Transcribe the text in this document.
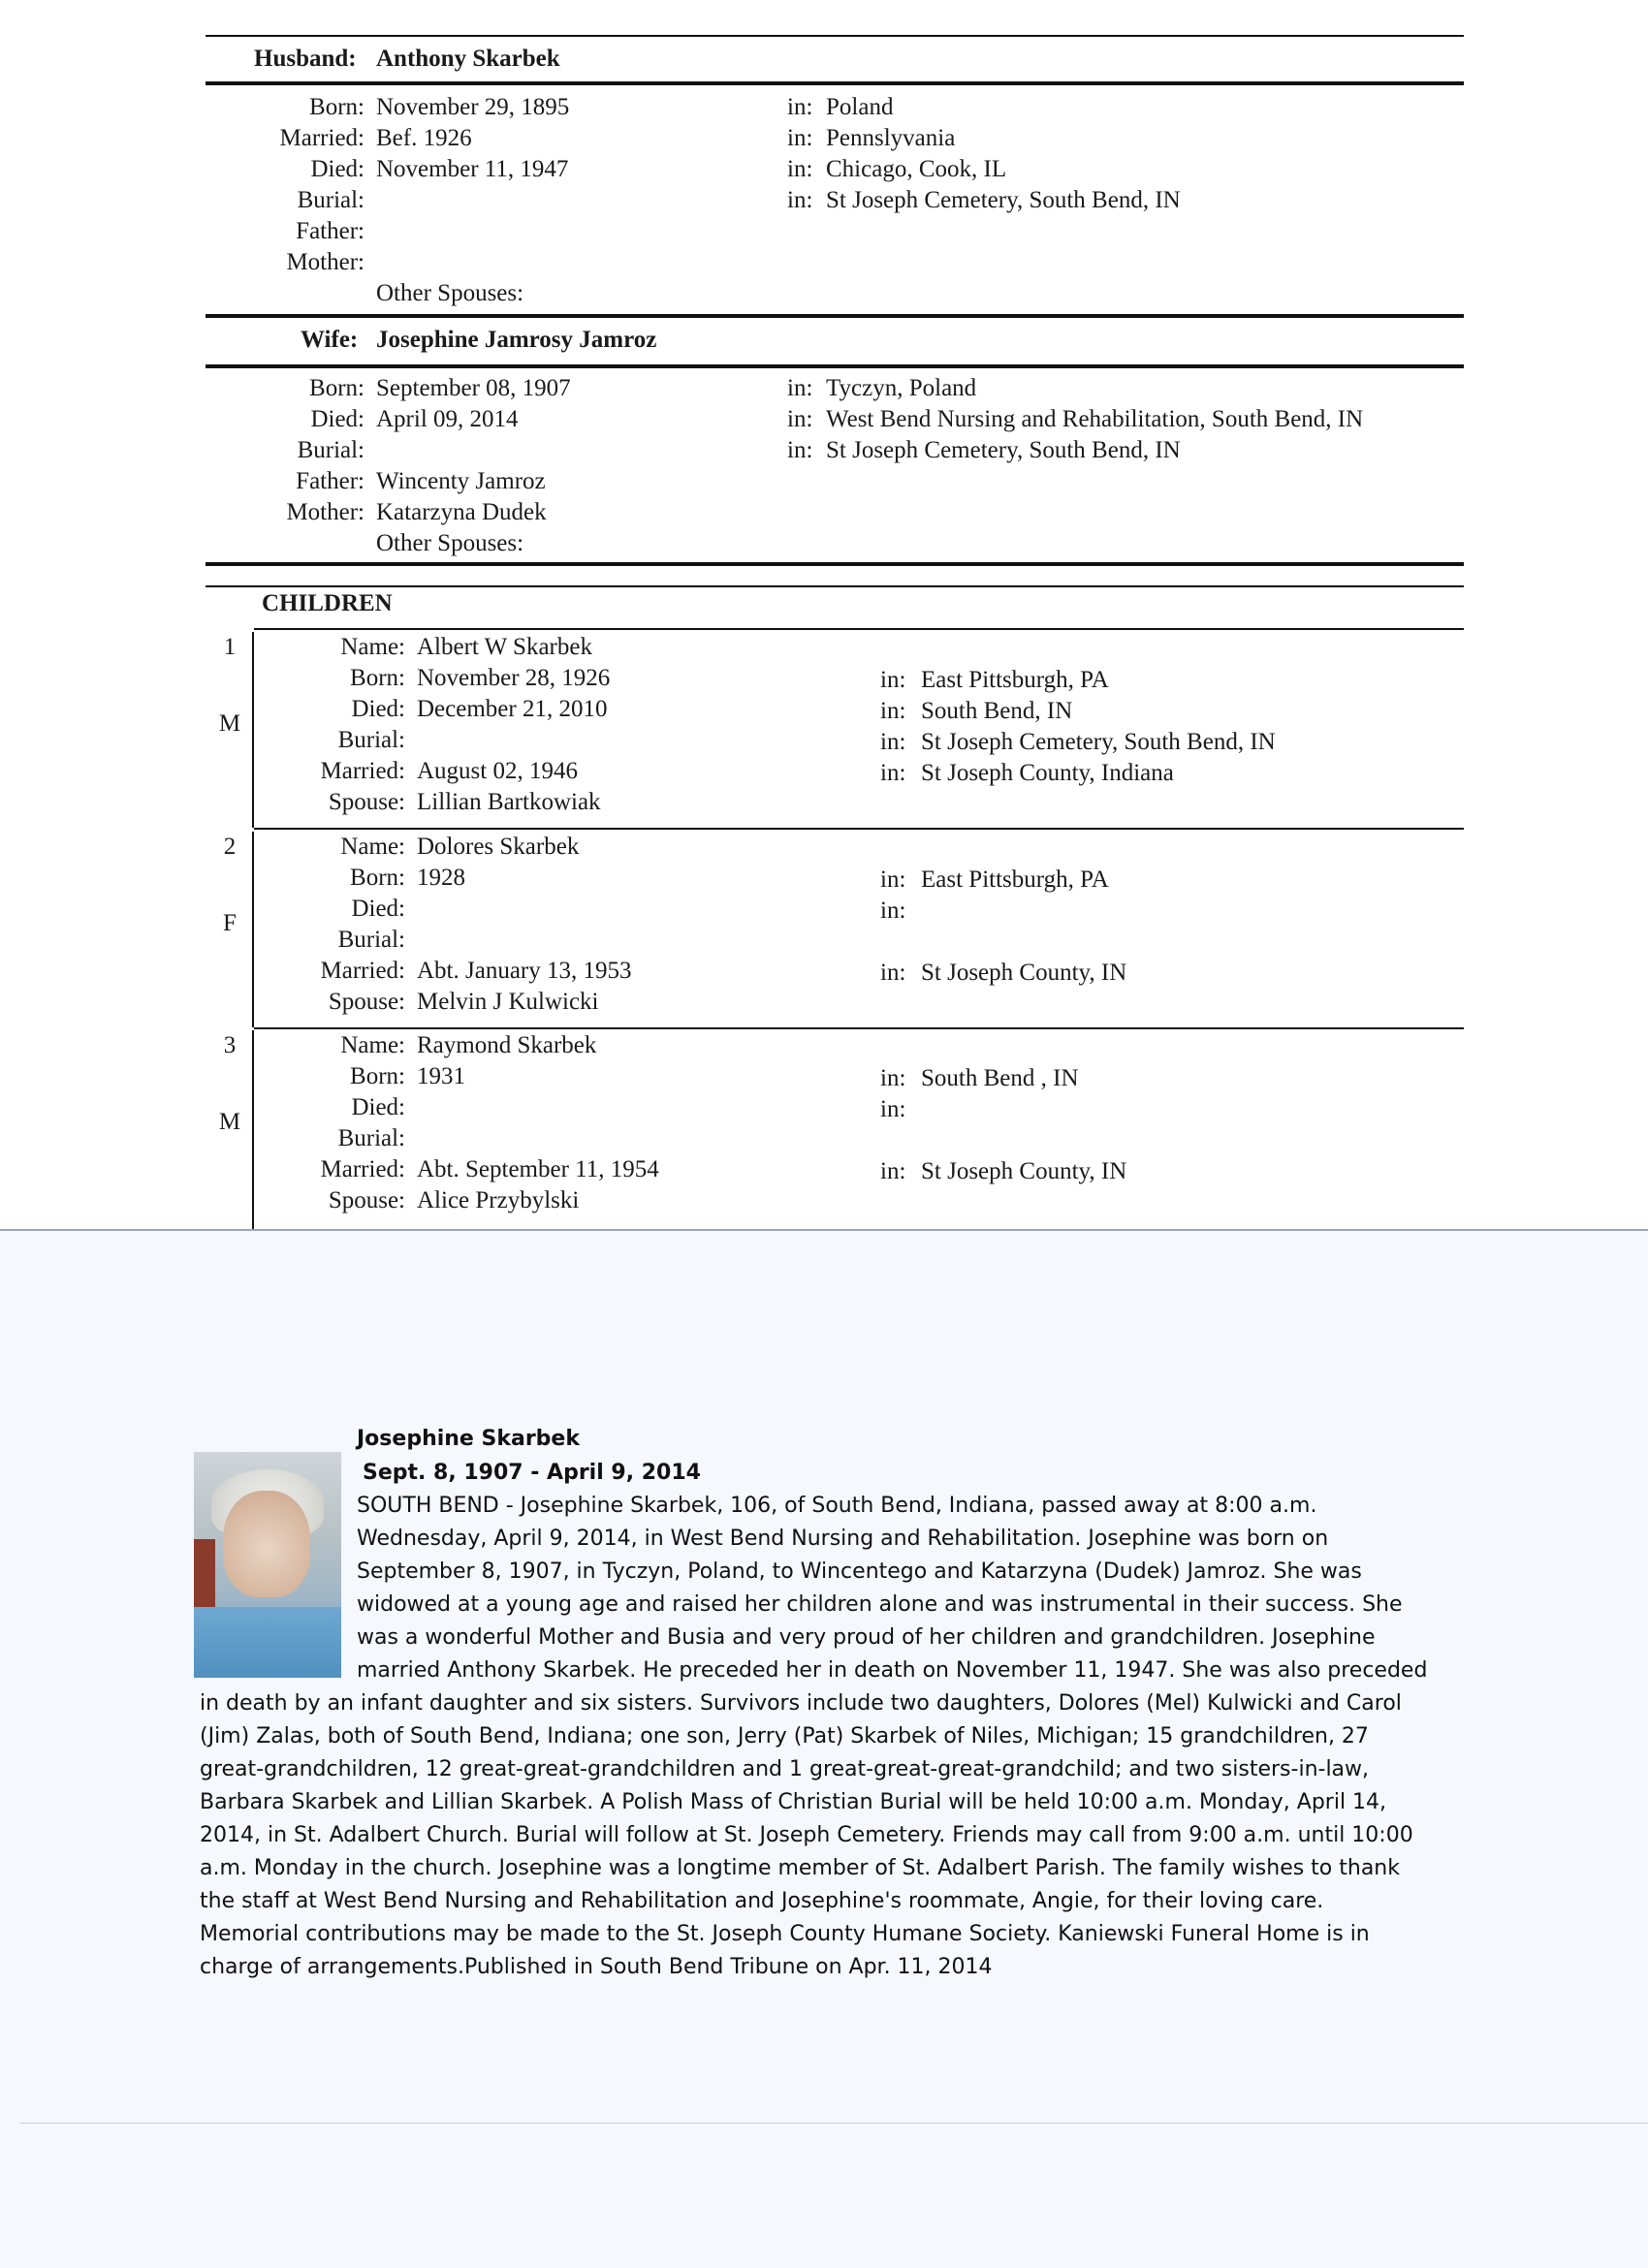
Husband: Anthony Skarbek
Born: November 29, 1895	in: Poland
Married: Bef. 1926	in: Pennslyvania
Died: November 11, 1947	in: Chicago, Cook, IL
Burial:	in: St Joseph Cemetery, South Bend, IN
Father:
Mother:
Other Spouses:
Wife: Josephine Jamrosy Jamroz
Born: September 08, 1907	in: Tyczyn, Poland
Died: April 09, 2014	in: West Bend Nursing and Rehabilitation, South Bend, IN
Burial:	in: St Joseph Cemetery, South Bend, IN
Father: Wincenty Jamroz
Mother: Katarzyna Dudek
Other Spouses:
CHILDREN
1
M
Name: Albert W Skarbek
Born: November 28, 1926	in: East Pittsburgh, PA
Died: December 21, 2010	in: South Bend, IN
Burial:	in: St Joseph Cemetery, South Bend, IN
Married: August 02, 1946	in: St Joseph County, Indiana
Spouse: Lillian Bartkowiak
2
F
Name: Dolores Skarbek
Born: 1928	in: East Pittsburgh, PA
Died:	in:
Burial:
Married: Abt. January 13, 1953	in: St Joseph County, IN
Spouse: Melvin J Kulwicki
3
M
Name: Raymond Skarbek
Born: 1931	in: South Bend , IN
Died:	in:
Burial:
Married: Abt. September 11, 1954	in: St Joseph County, IN
Spouse: Alice Przybylski
Josephine Skarbek
Sept. 8, 1907 - April 9, 2014
SOUTH BEND - Josephine Skarbek, 106, of South Bend, Indiana, passed away at 8:00 a.m.
Wednesday, April 9, 2014, in West Bend Nursing and Rehabilitation. Josephine was born on
September 8, 1907, in Tyczyn, Poland, to Wincentego and Katarzyna (Dudek) Jamroz. She was
widowed at a young age and raised her children alone and was instrumental in their success. She
was a wonderful Mother and Busia and very proud of her children and grandchildren. Josephine
married Anthony Skarbek. He preceded her in death on November 11, 1947. She was also preceded
in death by an infant daughter and six sisters. Survivors include two daughters, Dolores (Mel) Kulwicki and Carol
(Jim) Zalas, both of South Bend, Indiana; one son, Jerry (Pat) Skarbek of Niles, Michigan; 15 grandchildren, 27
great-grandchildren, 12 great-great-grandchildren and 1 great-great-great-grandchild; and two sisters-in-law,
Barbara Skarbek and Lillian Skarbek. A Polish Mass of Christian Burial will be held 10:00 a.m. Monday, April 14,
2014, in St. Adalbert Church. Burial will follow at St. Joseph Cemetery. Friends may call from 9:00 a.m. until 10:00
a.m. Monday in the church. Josephine was a longtime member of St. Adalbert Parish. The family wishes to thank
the staff at West Bend Nursing and Rehabilitation and Josephine's roommate, Angie, for their loving care.
Memorial contributions may be made to the St. Joseph County Humane Society. Kaniewski Funeral Home is in
charge of arrangements.Published in South Bend Tribune on Apr. 11, 2014
